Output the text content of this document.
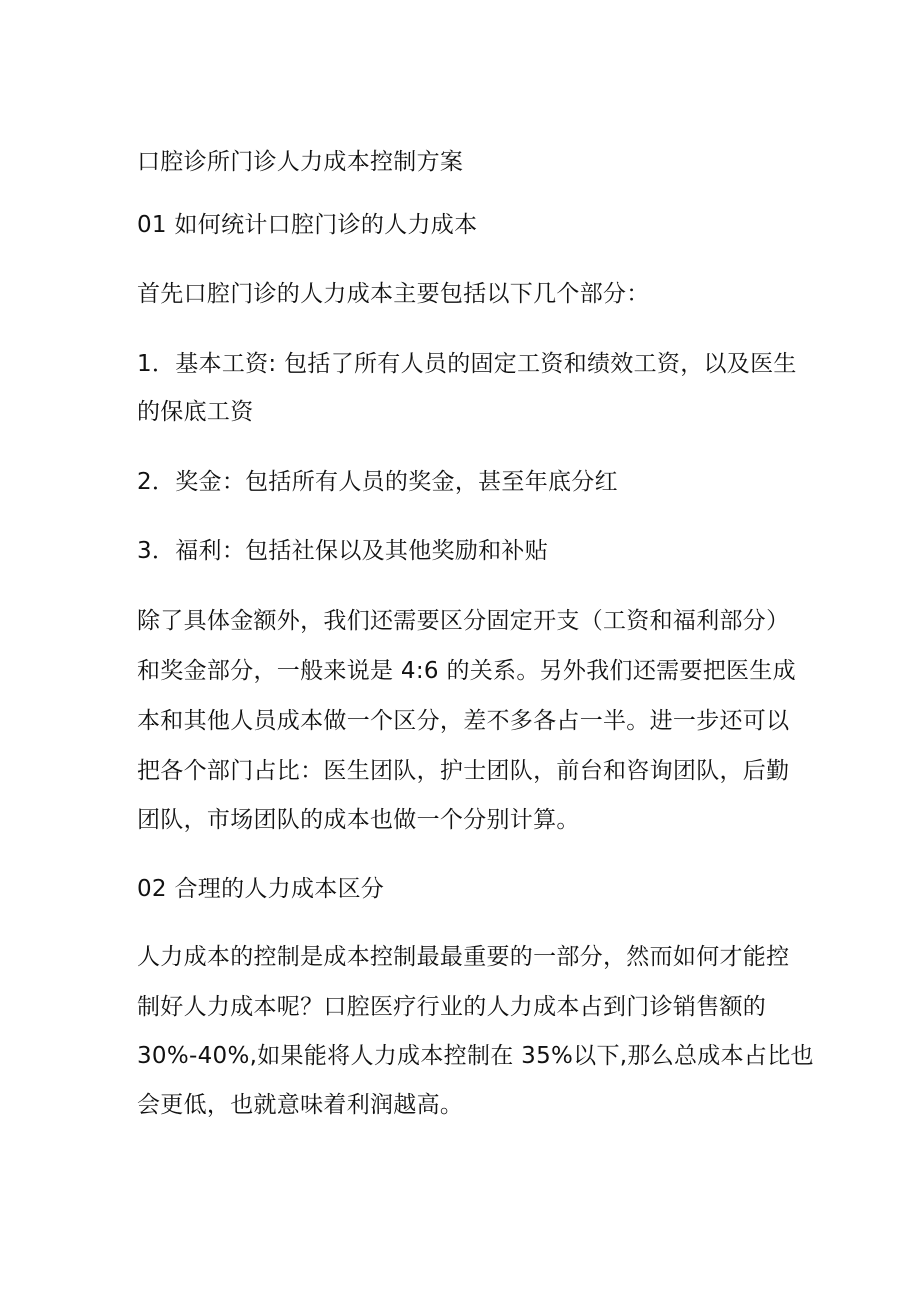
口腔诊所门诊人力成本控制方案
01 如何统计口腔门诊的人力成本
首先口腔门诊的人力成本主要包括以下几个部分：
1．基本工资: 包括了所有人员的固定工资和绩效工资，以及医生
的保底工资
2．奖金：包括所有人员的奖金，甚至年底分红
3．福利：包括社保以及其他奖励和补贴
除了具体金额外，我们还需要区分固定开支（工资和福利部分）
和奖金部分，一般来说是 4:6 的关系。另外我们还需要把医生成
本和其他人员成本做一个区分，差不多各占一半。进一步还可以
把各个部门占比：医生团队，护士团队，前台和咨询团队，后勤
团队，市场团队的成本也做一个分别计算。
02 合理的人力成本区分
人力成本的控制是成本控制最最重要的一部分，然而如何才能控
制好人力成本呢？口腔医疗行业的人力成本占到门诊销售额的
30%-40%,如果能将人力成本控制在 35%以下,那么总成本占比也
会更低，也就意味着利润越高。
